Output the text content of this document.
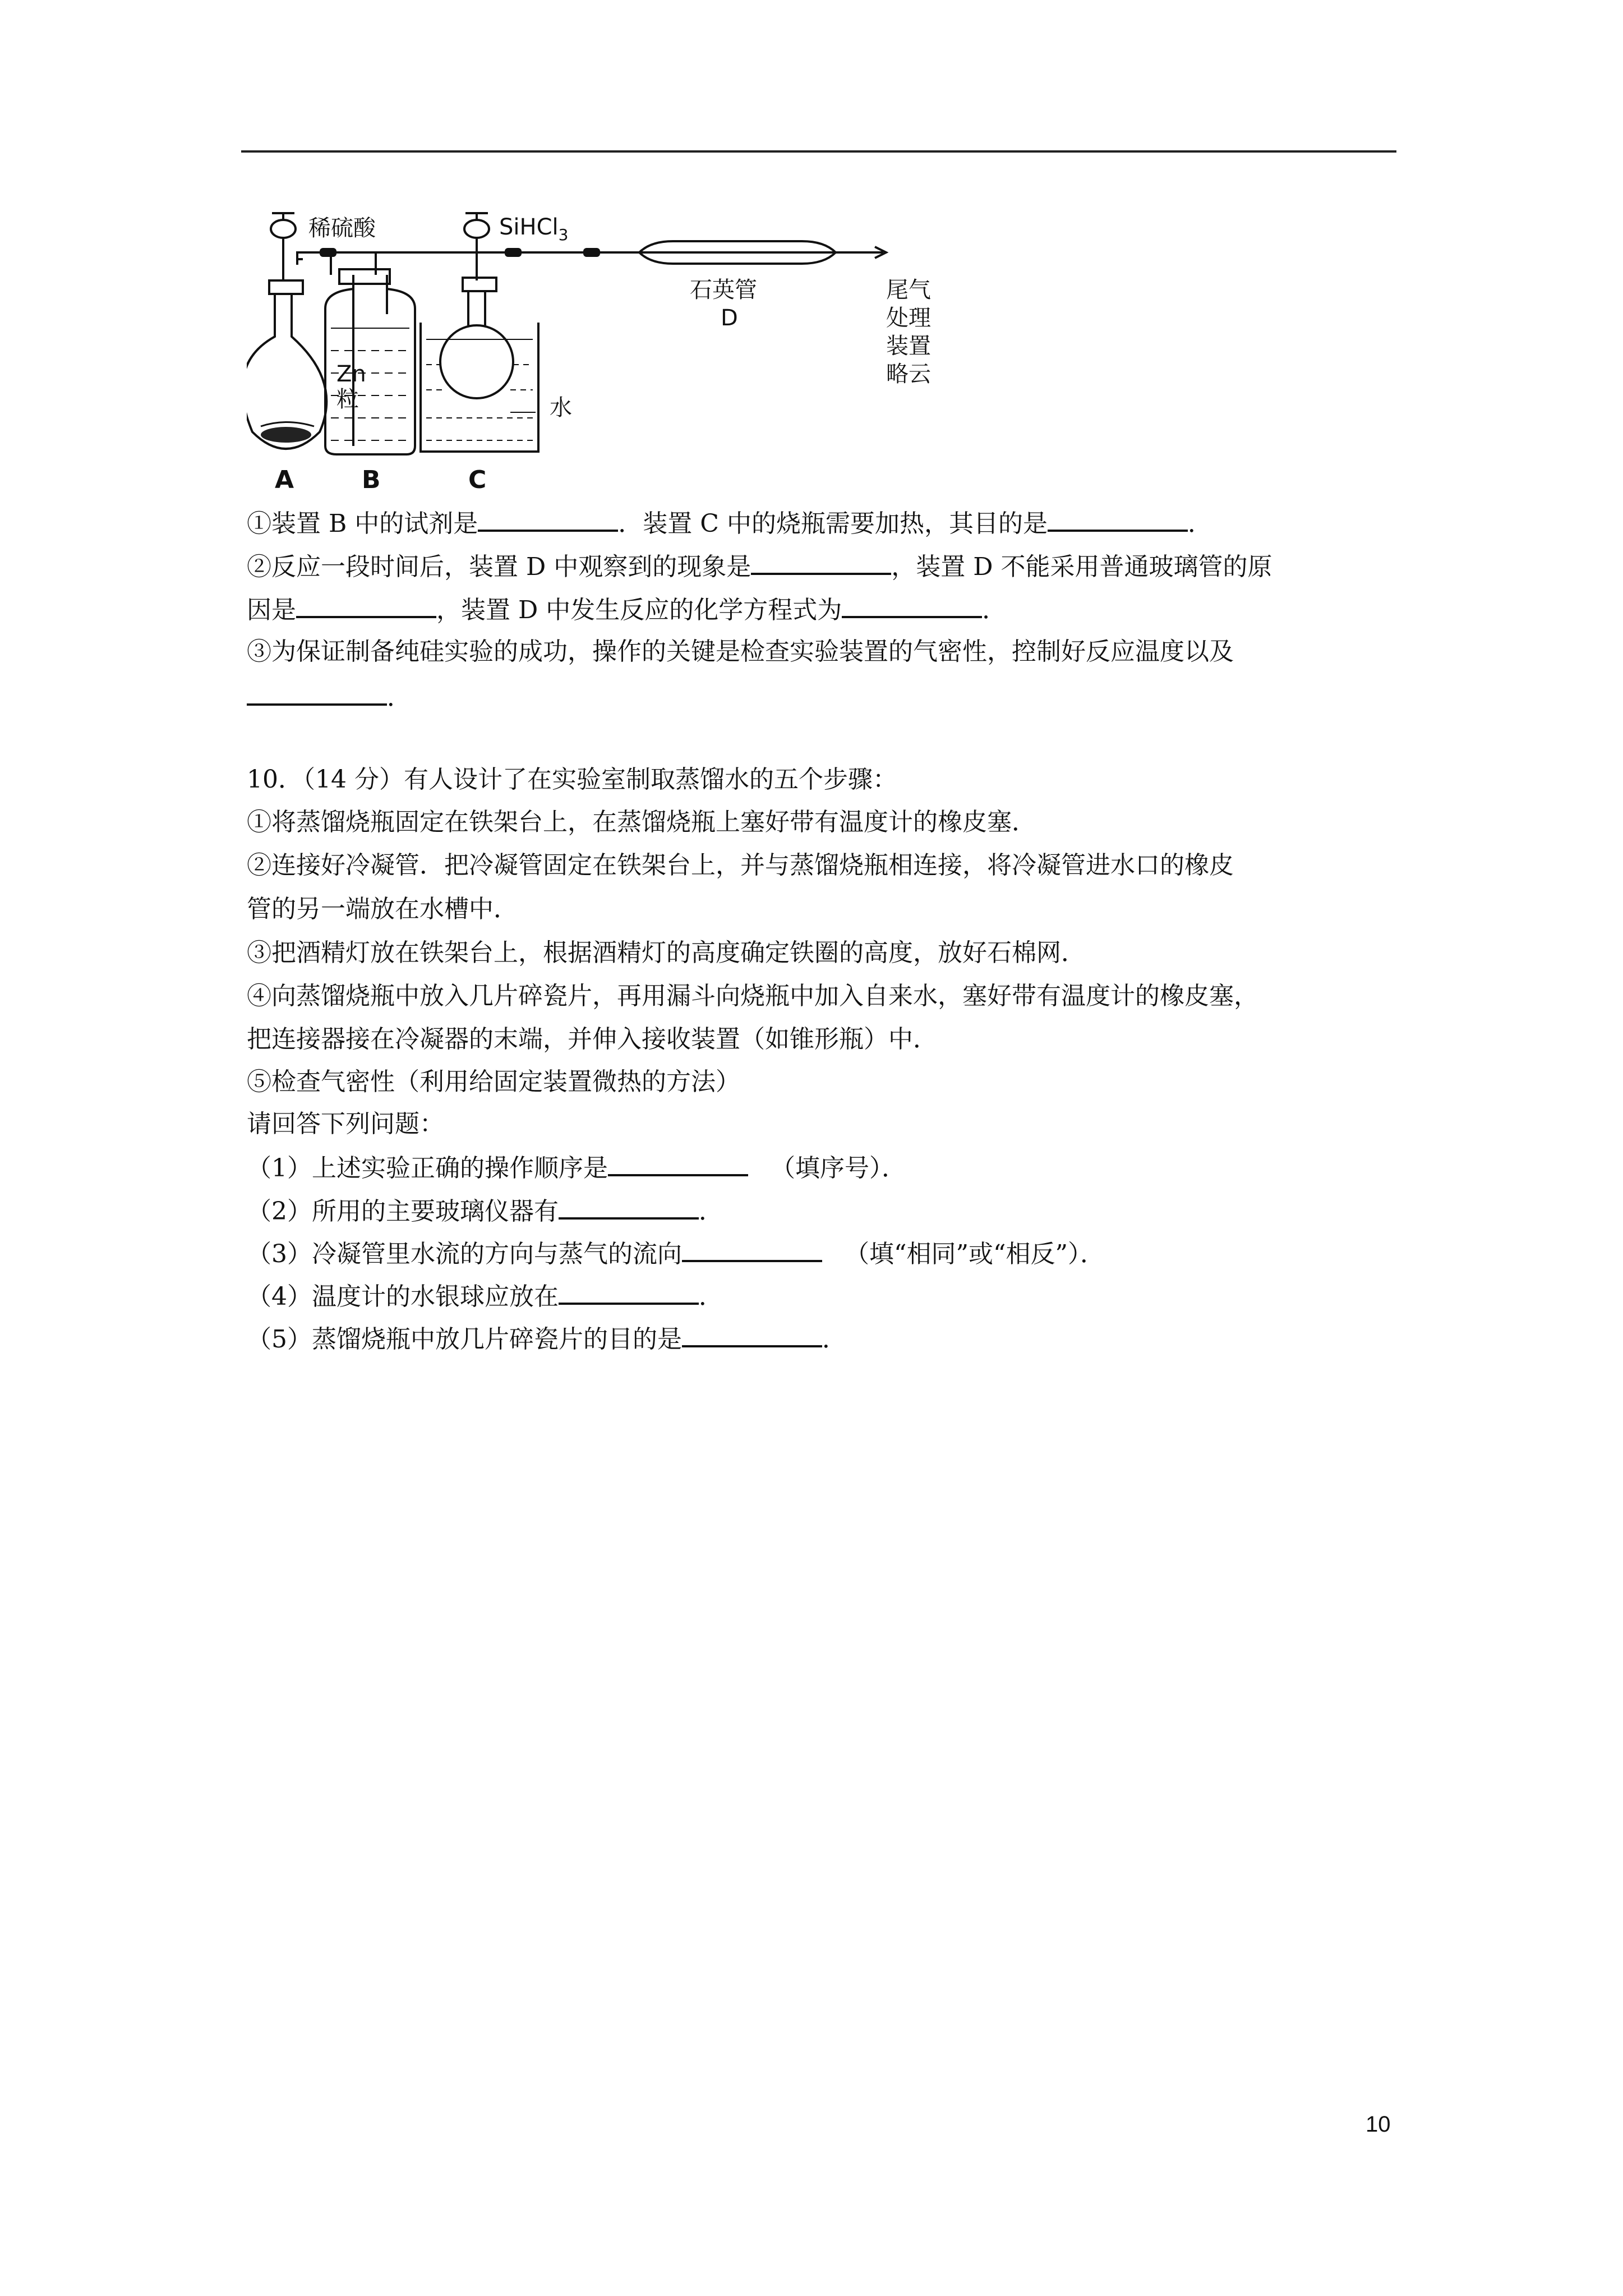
稀硫酸	SiHCl$_3$
Zn
粒
石英管
D
尾气
处理
装置
略云
水
A	B	C
①装置 B 中的试剂是	．装置 C 中的烧瓶需要加热，其目的是	．
②反应一段时间后，装置 D 中观察到的现象是	，装置 D 不能采用普通玻璃管的原
因是	，装置 D 中发生反应的化学方程式为	．
③为保证制备纯硅实验的成功，操作的关键是检查实验装置的气密性，控制好反应温度以及
．
10．（14 分）有人设计了在实验室制取蒸馏水的五个步骤：
①将蒸馏烧瓶固定在铁架台上，在蒸馏烧瓶上塞好带有温度计的橡皮塞．
②连接好冷凝管．把冷凝管固定在铁架台上，并与蒸馏烧瓶相连接，将冷凝管进水口的橡皮
管的另一端放在水槽中．
③把酒精灯放在铁架台上，根据酒精灯的高度确定铁圈的高度，放好石棉网．
④向蒸馏烧瓶中放入几片碎瓷片，再用漏斗向烧瓶中加入自来水，塞好带有温度计的橡皮塞，
把连接器接在冷凝器的末端，并伸入接收装置（如锥形瓶）中．
⑤检查气密性（利用给固定装置微热的方法）
请回答下列问题：
（1）上述实验正确的操作顺序是	（填序号）．
（2）所用的主要玻璃仪器有	．
（3）冷凝管里水流的方向与蒸气的流向	（填“相同”或“相反”）．
（4）温度计的水银球应放在	．
（5）蒸馏烧瓶中放几片碎瓷片的目的是	．
10
